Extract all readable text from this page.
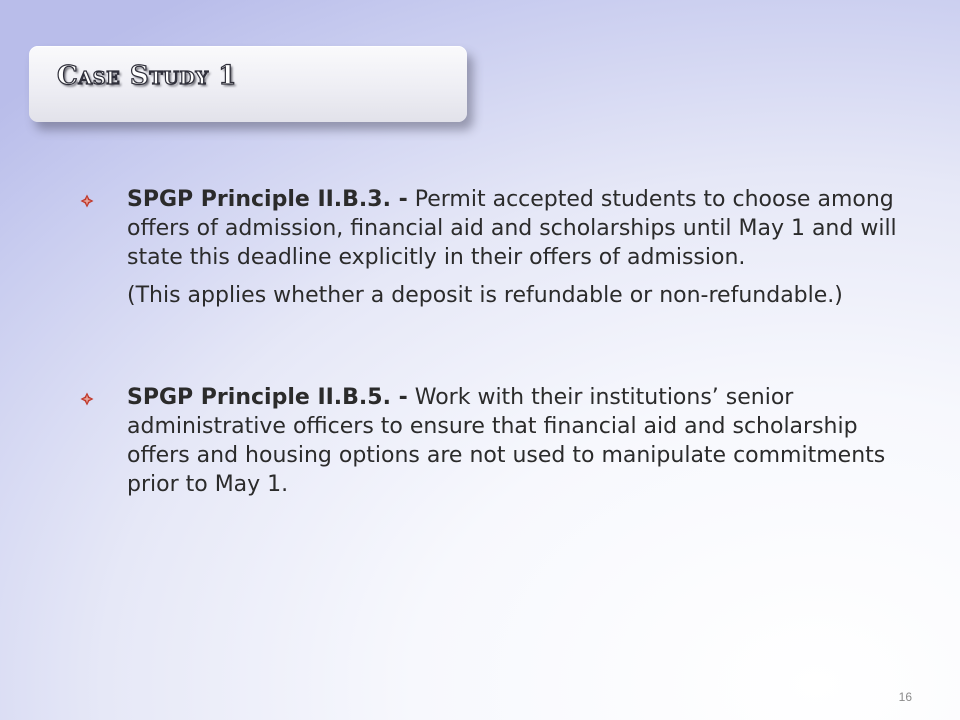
Case Study 1

SPGP Principle II.B.3. - Permit accepted students to choose among offers of admission, financial aid and scholarships until May 1 and will state this deadline explicitly in their offers of admission.

(This applies whether a deposit is refundable or non-refundable.)

SPGP Principle II.B.5. - Work with their institutions’ senior administrative officers to ensure that financial aid and scholarship offers and housing options are not used to manipulate commitments prior to May 1.

16
